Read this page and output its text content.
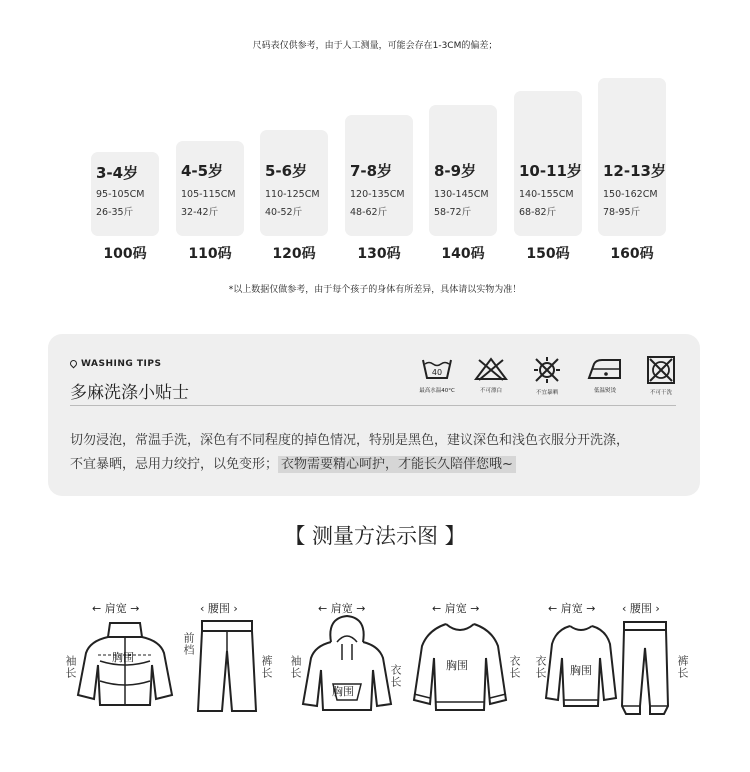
尺码表仅供参考，由于人工测量，可能会存在1-3CM的偏差；
3-4岁
95-105CM
26-35斤
100码
4-5岁
105-115CM
32-42斤
110码
5-6岁
110-125CM
40-52斤
120码
7-8岁
120-135CM
48-62斤
130码
8-9岁
130-145CM
58-72斤
140码
10-11岁
140-155CM
68-82斤
150码
12-13岁
150-162CM
78-95斤
160码
*以上数据仅做参考，由于每个孩子的身体有所差异，具体请以实物为准！
WASHING TIPS
多麻洗涤小贴士
40
最高水温40°C	不可漂白	不宜暴晒	低温熨烫	不可干洗
切勿浸泡，常温手洗，深色有不同程度的掉色情况，特别是黑色，建议深色和浅色衣服分开洗涤，
不宜暴晒，忌用力绞拧，以免变形； 衣物需要精心呵护，才能长久陪伴您哦~
【 测量方法示图 】
← 肩宽 →
胸围
袖长
‹ 腰围 ›
前档
裤长
← 肩宽 →
胸围
袖长	衣长
← 肩宽 →
胸围	衣长
← 肩宽 →
胸围
衣长
‹ 腰围 ›
裤长
